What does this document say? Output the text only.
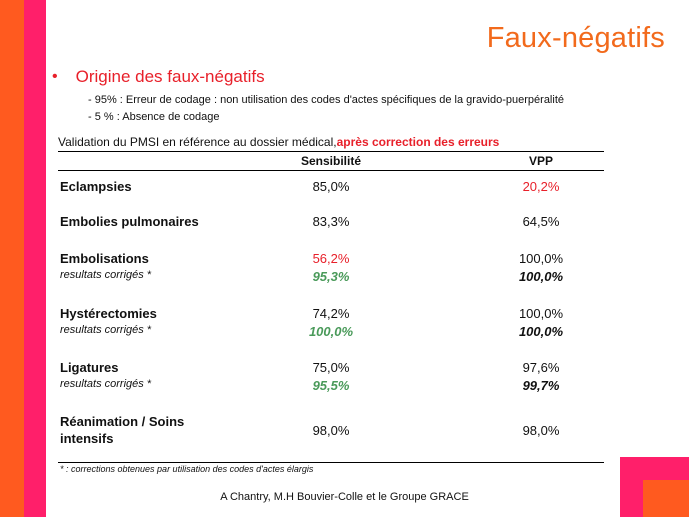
Faux-négatifs
• Origine des faux-négatifs
- 95% : Erreur de codage : non utilisation des codes d'actes spécifiques de la gravido-puerpéralité
- 5 % : Absence de codage
Validation du PMSI en référence au dossier médical,après correction des erreurs
Sensibilité	VPP
Eclampsies	85,0%	20,2%
Embolies pulmonaires	83,3%	64,5%
Embolisations	56,2%	100,0%
resultats corrigés *	95,3%	100,0%
Hystérectomies	74,2%	100,0%
resultats corrigés *	100,0%	100,0%
Ligatures	75,0%	97,6%
resultats corrigés *	95,5%	99,7%
Réanimation / Soins
intensifs
98,0%	98,0%
* : corrections obtenues par utilisation des codes d'actes élargis
A Chantry, M.H Bouvier-Colle et le Groupe GRACE
